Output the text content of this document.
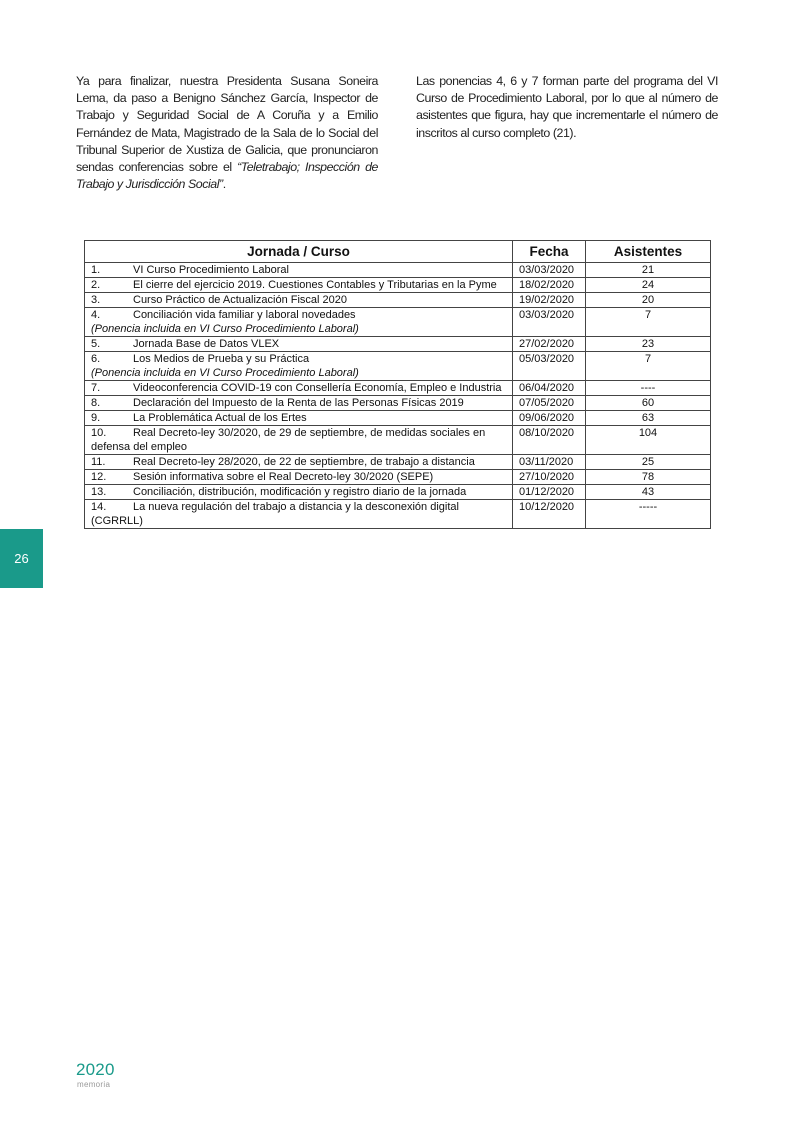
Ya para finalizar, nuestra Presidenta Susana Soneira Lema, da paso a Benigno Sánchez García, Inspector de Trabajo y Seguridad Social de A Coruña y a Emilio Fernández de Mata, Magistrado de la Sala de lo Social del Tribunal Superior de Xustiza de Galicia, que pronunciaron sendas conferencias sobre el “Teletrabajo; Inspección de Trabajo y Jurisdicción Social”.

Las ponencias 4, 6 y 7 forman parte del programa del VI Curso de Procedimiento Laboral, por lo que al número de asistentes que figura, hay que incrementarle el número de inscritos al curso completo (21).

Jornada / Curso	Fecha	Asistentes
1. VI Curso Procedimiento Laboral	03/03/2020	21
2. El cierre del ejercicio 2019. Cuestiones Contables y Tributarias en la Pyme	18/02/2020	24
3. Curso Práctico de Actualización Fiscal 2020	19/02/2020	20
4. Conciliación vida familiar y laboral novedades
(Ponencia incluida en VI Curso Procedimiento Laboral)	03/03/2020	7
5. Jornada Base de Datos VLEX	27/02/2020	23
6. Los Medios de Prueba y su Práctica
(Ponencia incluida en VI Curso Procedimiento Laboral)	05/03/2020	7
7. Videoconferencia COVID-19 con Consellería Economía, Empleo e Industria	06/04/2020	----
8. Declaración del Impuesto de la Renta de las Personas Físicas 2019	07/05/2020	60
9. La Problemática Actual de los Ertes	09/06/2020	63
10. Real Decreto-ley 30/2020, de 29 de septiembre, de medidas sociales en defensa del empleo	08/10/2020	104
11. Real Decreto-ley 28/2020, de 22 de septiembre, de trabajo a distancia	03/11/2020	25
12. Sesión informativa sobre el Real Decreto-ley 30/2020 (SEPE)	27/10/2020	78
13. Conciliación, distribución, modificación y registro diario de la jornada	01/12/2020	43
14. La nueva regulación del trabajo a distancia y la desconexión digital (CGRRLL)	10/12/2020	-----
26
2020
memoria
